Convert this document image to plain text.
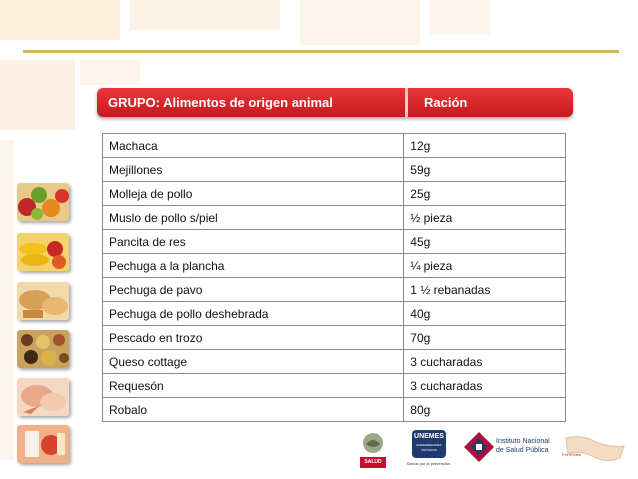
GRUPO: Alimentos de origen animal	Ración
Machaca	12g
Mejillones	59g
Molleja de pollo	25g
Muslo de pollo s/piel	½ pieza
Pancita de res	45g
Pechuga a la plancha	¼ pieza
Pechuga de pavo	1 ½ rebanadas
Pechuga de pollo deshebrada	40g
Pescado en trozo	70g
Queso cottage	3 cucharadas
Requesón	3 cucharadas
Robalo	80g
SALUD
UNEMES
ENFERMEDADES CRÓNICAS
Socios por la prevención.
Instituto Nacional
de Salud Pública
Por el bien
